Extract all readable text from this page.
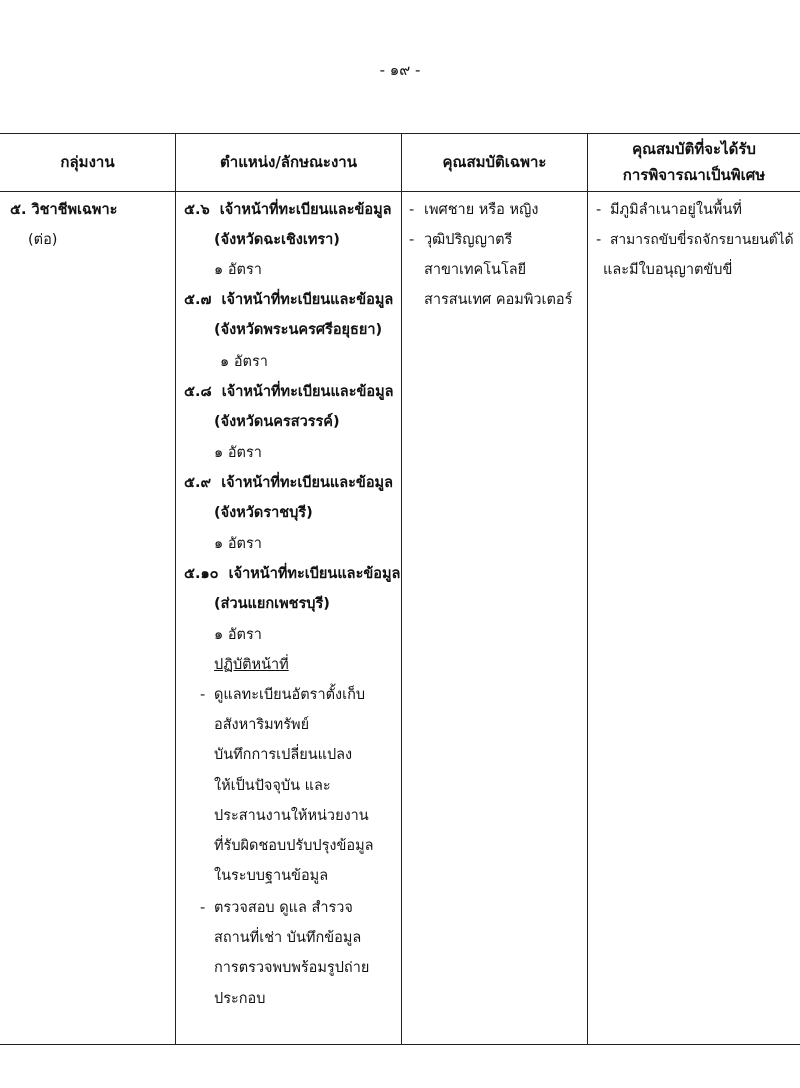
- ๑๙ -
กลุ่มงาน	ตำแหน่ง/ลักษณะงาน	คุณสมบัติเฉพาะ
คุณสมบัติที่จะได้รับ
การพิจารณาเป็นพิเศษ
๕. วิชาชีพเฉพาะ
(ต่อ)
๕.๖ เจ้าหน้าที่ทะเบียนและข้อมูล
(จังหวัดฉะเชิงเทรา)
๑ อัตรา
๕.๗ เจ้าหน้าที่ทะเบียนและข้อมูล
(จังหวัดพระนครศรีอยุธยา)
๑ อัตรา
๕.๘ เจ้าหน้าที่ทะเบียนและข้อมูล
(จังหวัดนครสวรรค์)
๑ อัตรา
๕.๙ เจ้าหน้าที่ทะเบียนและข้อมูล
(จังหวัดราชบุรี)
๑ อัตรา
๕.๑๐ เจ้าหน้าที่ทะเบียนและข้อมูล
(ส่วนแยกเพชรบุรี)
๑ อัตรา
ปฏิบัติหน้าที่
- ดูแลทะเบียนอัตราตั้งเก็บ
อสังหาริมทรัพย์
บันทึกการเปลี่ยนแปลง
ให้เป็นปัจจุบัน และ
ประสานงานให้หน่วยงาน
ที่รับผิดชอบปรับปรุงข้อมูล
ในระบบฐานข้อมูล
- ตรวจสอบ ดูแล สำรวจ
สถานที่เช่า บันทึกข้อมูล
การตรวจพบพร้อมรูปถ่าย
ประกอบ
- เพศชาย หรือ หญิง
- วุฒิปริญญาตรี
สาขาเทคโนโลยี
สารสนเทศ คอมพิวเตอร์
- มีภูมิลำเนาอยู่ในพื้นที่
- สามารถขับขี่รถจักรยานยนต์ได้
และมีใบอนุญาตขับขี่
